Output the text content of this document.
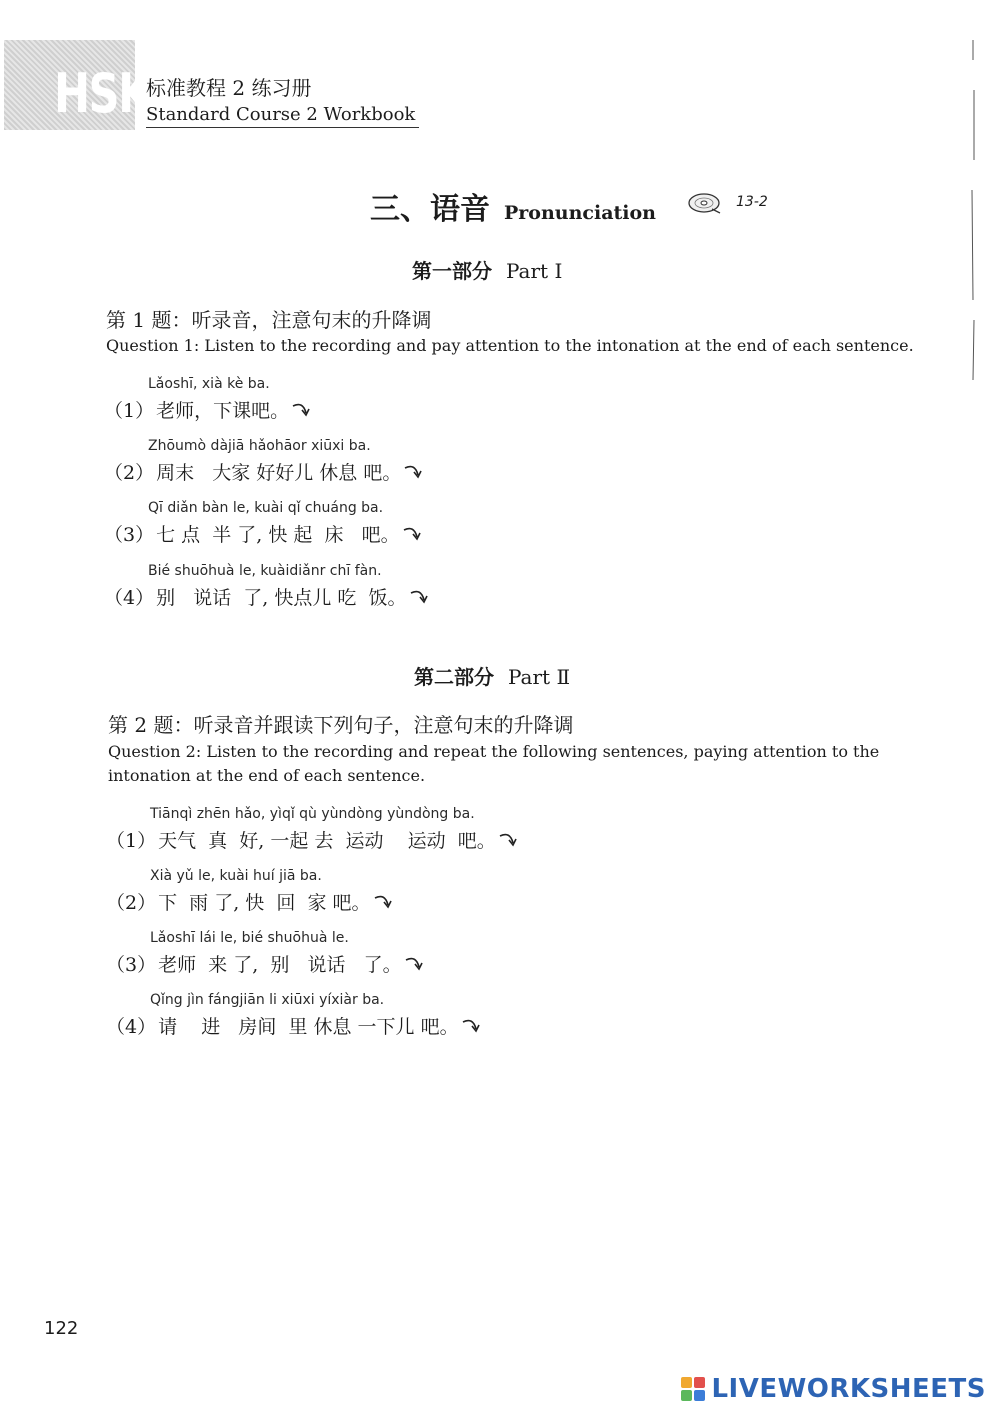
HSK
标准教程 2 练习册
Standard Course 2 Workbook
三、语音 Pronunciation	13-2
第一部分 Part Ⅰ
第 1 题：听录音，注意句末的升降调
Question 1: Listen to the recording and pay attention to the intonation at the end of each sentence.
Lǎoshī, xià kè ba.
（1） 老师，下课吧。
Zhōumò dàjiā hǎohāor xiūxi ba.
（2） 周末   大家 好好儿 休息 吧。
Qī diǎn bàn le, kuài qǐ chuáng ba.
（3） 七 点  半 了, 快 起  床   吧。
Bié shuōhuà le, kuàidiǎnr chī fàn.
（4） 别   说话  了, 快点儿 吃  饭。
第二部分 Part Ⅱ
第 2 题：听录音并跟读下列句子，注意句末的升降调
Question 2: Listen to the recording and repeat the following sentences, paying attention to the
intonation at the end of each sentence.
Tiānqì zhēn hǎo, yìqǐ qù yùndòng yùndòng ba.
（1） 天气  真  好, 一起 去  运动    运动  吧。
Xià yǔ le, kuài huí jiā ba.
（2） 下  雨 了, 快  回  家 吧。
Lǎoshī lái le, bié shuōhuà le.
（3） 老师  来 了,  别   说话   了。
Qǐng jìn fángjiān li xiūxi yíxiàr ba.
（4） 请    进   房间  里 休息 一下儿 吧。
122
LIVEWORKSHEETS
